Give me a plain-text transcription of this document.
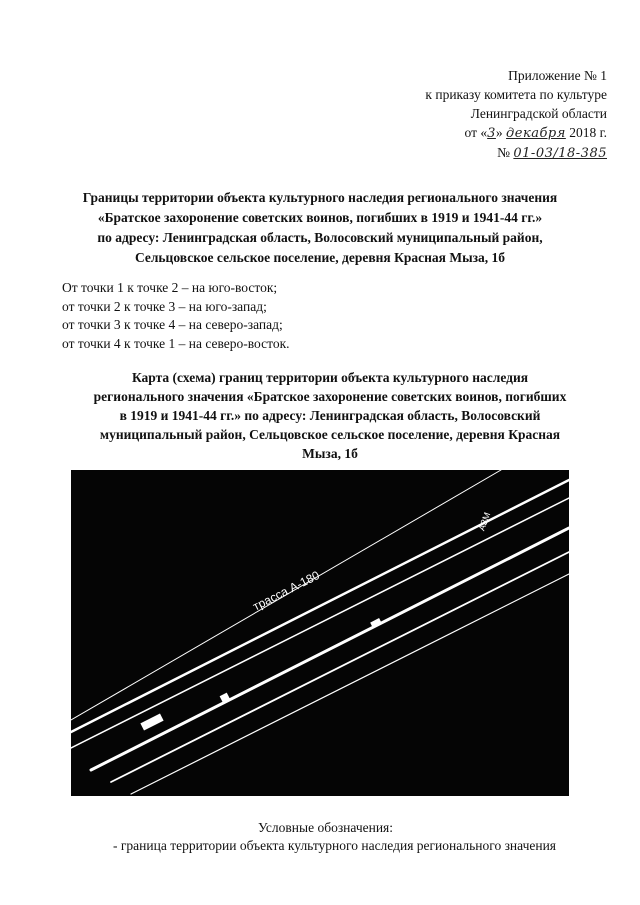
Приложение № 1
к приказу комитета по культуре
Ленинградской области
от «3» декабря 2018 г.
№ 01-03/18-385
Границы территории объекта культурного наследия регионального значения
«Братское захоронение советских воинов, погибших в 1919 и 1941-44 гг.»
по адресу: Ленинградская область, Волосовский муниципальный район,
Сельцовское сельское поселение, деревня Красная Мыза, 1б
От точки 1 к точке 2 – на юго-восток;
от точки 2 к точке 3 – на юго-запад;
от точки 3 к точке 4 – на северо-запад;
от точки 4 к точке 1 – на северо-восток.
Карта (схема) границ территории объекта культурного наследия
регионального значения «Братское захоронение советских воинов, погибших
в 1919 и 1941-44 гг.» по адресу: Ленинградская область, Волосовский
муниципальный район, Сельцовское сельское поселение, деревня Красная
Мыза, 1б
трасса А-180
АЗМ
Условные обозначения:
- граница территории объекта культурного наследия регионального значения
